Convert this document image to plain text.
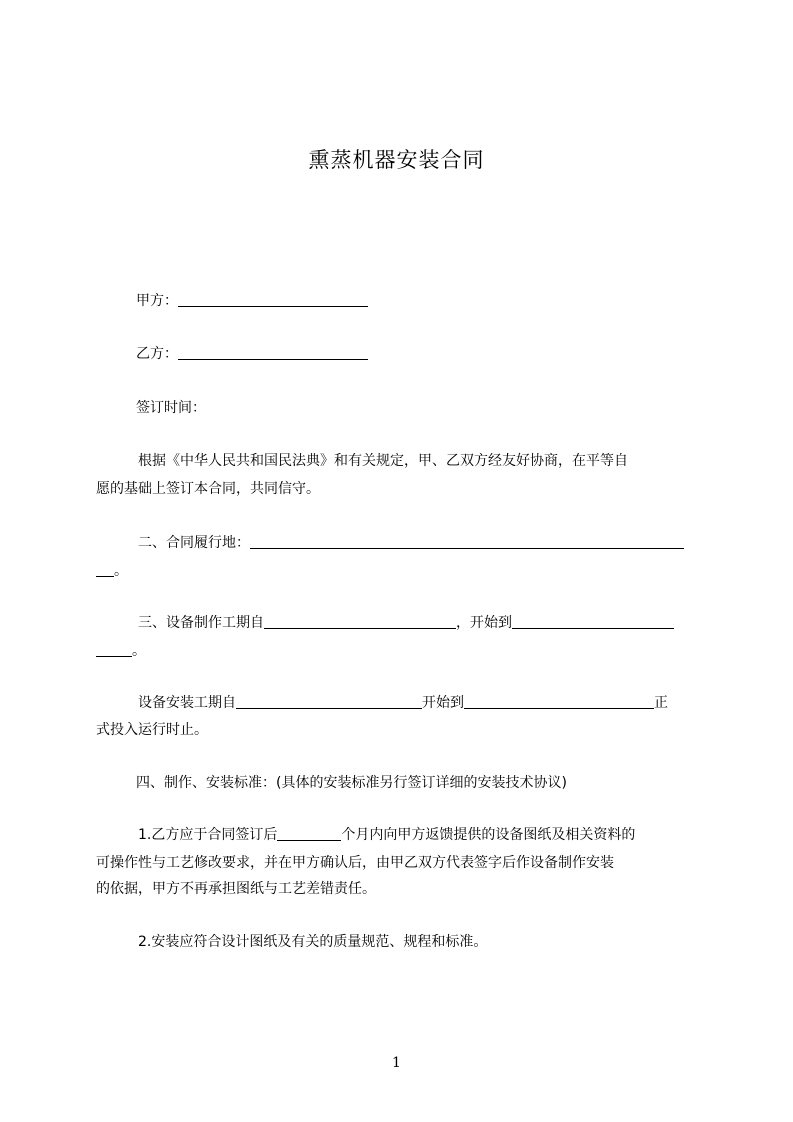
熏蒸机器安装合同
甲方：
乙方：
签订时间：
根据《中华人民共和国民法典》和有关规定，甲、乙双方经友好协商，在平等自
愿的基础上签订本合同，共同信守。
二、合同履行地：
。
三、设备制作工期自	，开始到
。
设备安装工期自	开始到	正
式投入运行时止。
四、制作、安装标准：(具体的安装标准另行签订详细的安装技术协议)
1.乙方应于合同签订后	个月内向甲方返馈提供的设备图纸及相关资料的
可操作性与工艺修改要求，并在甲方确认后，由甲乙双方代表签字后作设备制作安装
的依据，甲方不再承担图纸与工艺差错责任。
2.安装应符合设计图纸及有关的质量规范、规程和标准。
1
